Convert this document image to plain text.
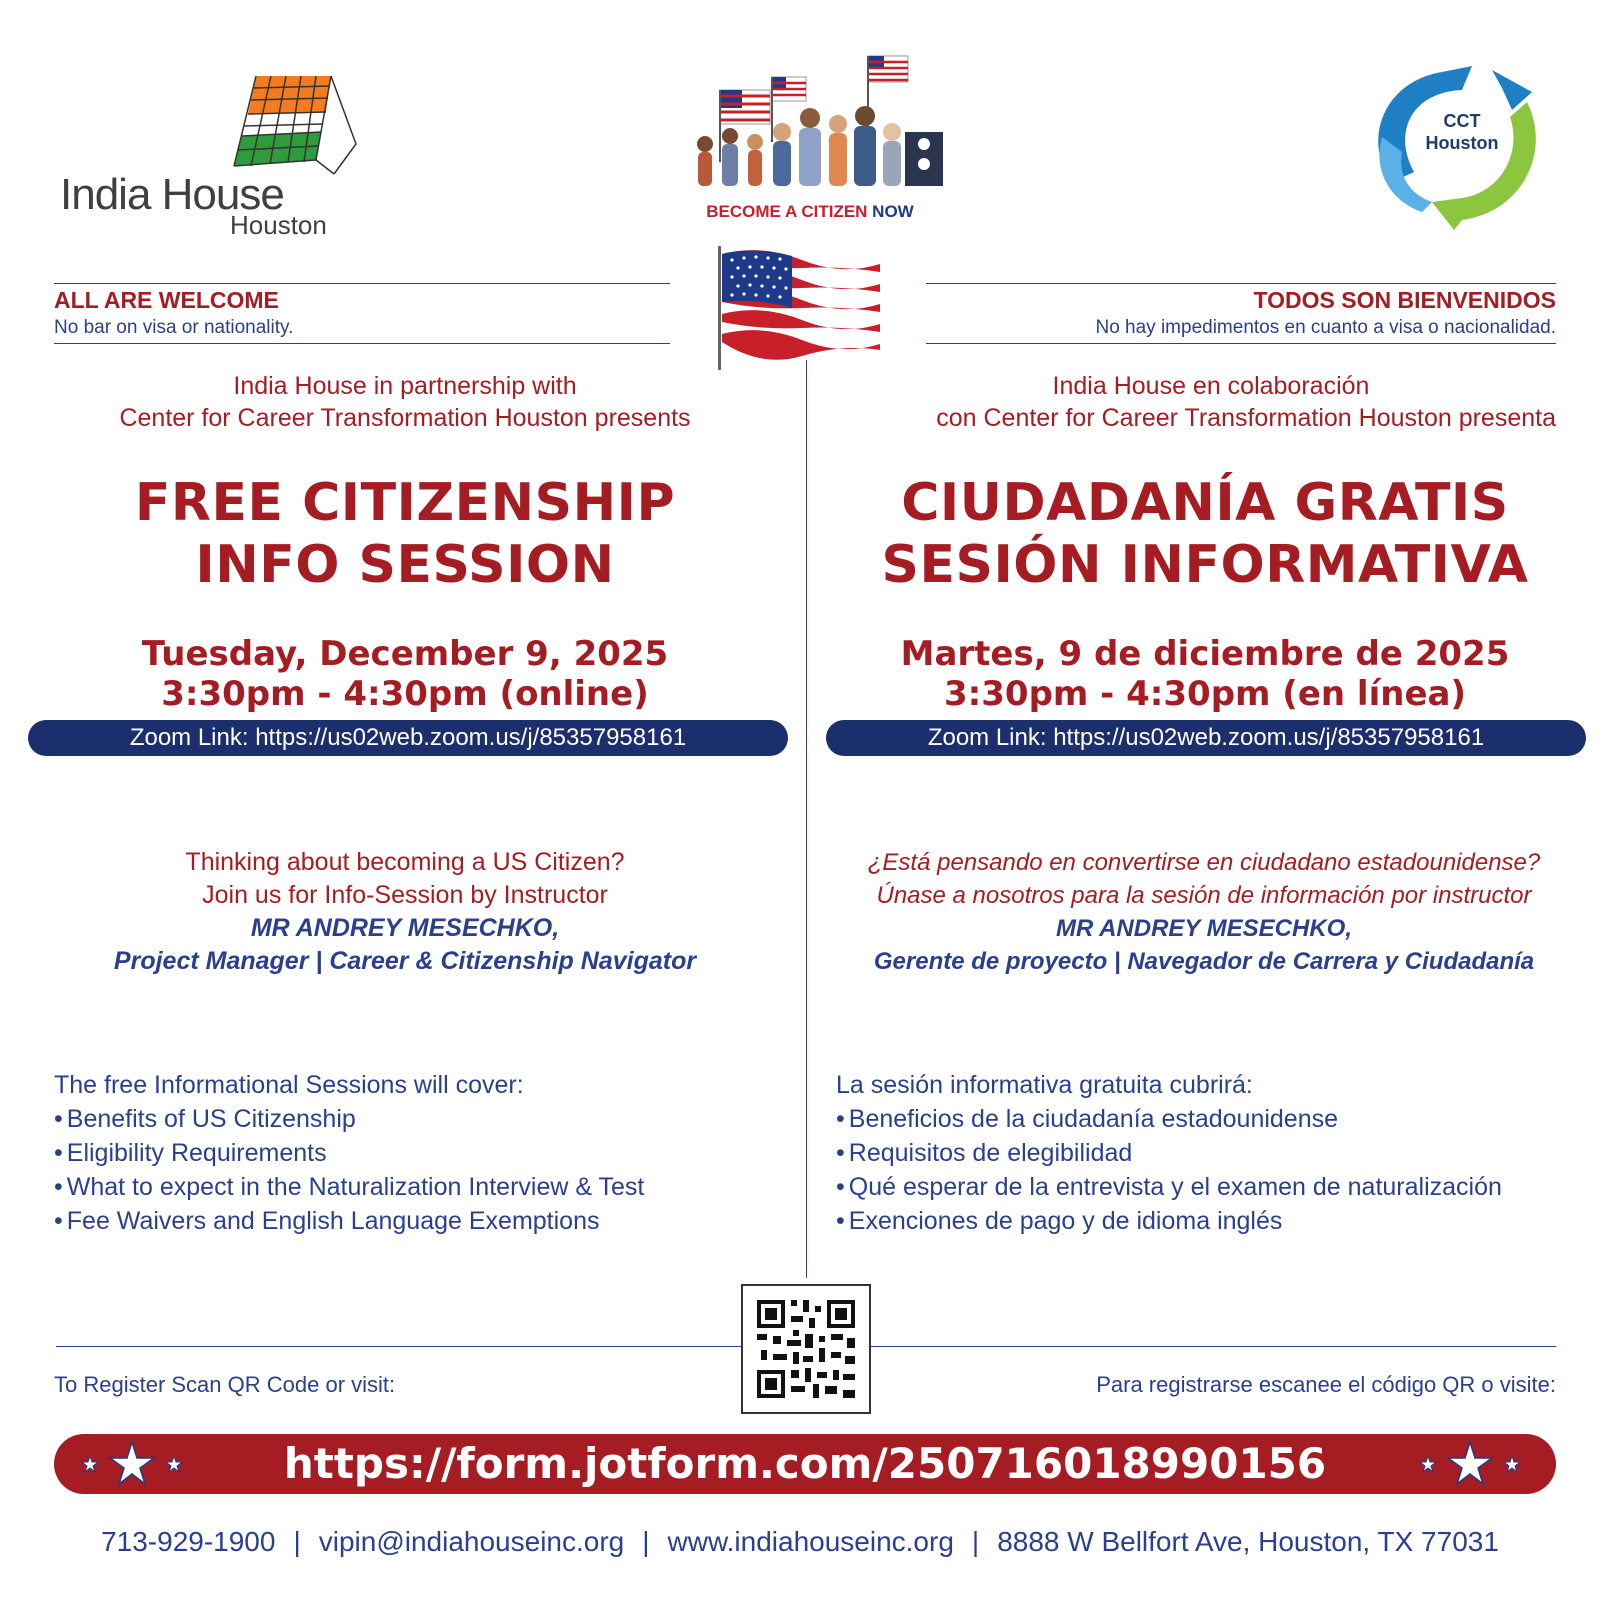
India House
Houston	BECOME A CITIZEN NOW
CCT
Houston
ALL ARE WELCOME
No bar on visa or nationality.
TODOS SON BIENVENIDOS
No hay impedimentos en cuanto a visa o nacionalidad.
India House in partnership with
Center for Career Transformation Houston presents
FREE CITIZENSHIP
INFO SESSION
Tuesday, December 9, 2025
3:30pm - 4:30pm (online)
Zoom Link: https://us02web.zoom.us/j/85357958161
Thinking about becoming a US Citizen?
Join us for Info-Session by Instructor
MR ANDREY MESECHKO,
Project Manager | Career & Citizenship Navigator
The free Informational Sessions will cover:
• Benefits of US Citizenship
• Eligibility Requirements
• What to expect in the Naturalization Interview & Test
• Fee Waivers and English Language Exemptions
India House en colaboración
con Center for Career Transformation Houston presenta
CIUDADANÍA GRATIS
SESIÓN INFORMATIVA
Martes, 9 de diciembre de 2025
3:30pm - 4:30pm (en línea)
Zoom Link: https://us02web.zoom.us/j/85357958161
¿Está pensando en convertirse en ciudadano estadounidense?
Únase a nosotros para la sesión de información por instructor
MR ANDREY MESECHKO,
Gerente de proyecto | Navegador de Carrera y Ciudadanía
La sesión informativa gratuita cubrirá:
• Beneficios de la ciudadanía estadounidense
• Requisitos de elegibilidad
• Qué esperar de la entrevista y el examen de naturalización
• Exenciones de pago y de idioma inglés
To Register Scan QR Code or visit:	Para registrarse escanee el código QR o visite:
https://form.jotform.com/250716018990156
713-929-1900 | vipin@indiahouseinc.org | www.indiahouseinc.org | 8888 W Bellfort Ave, Houston, TX 77031
